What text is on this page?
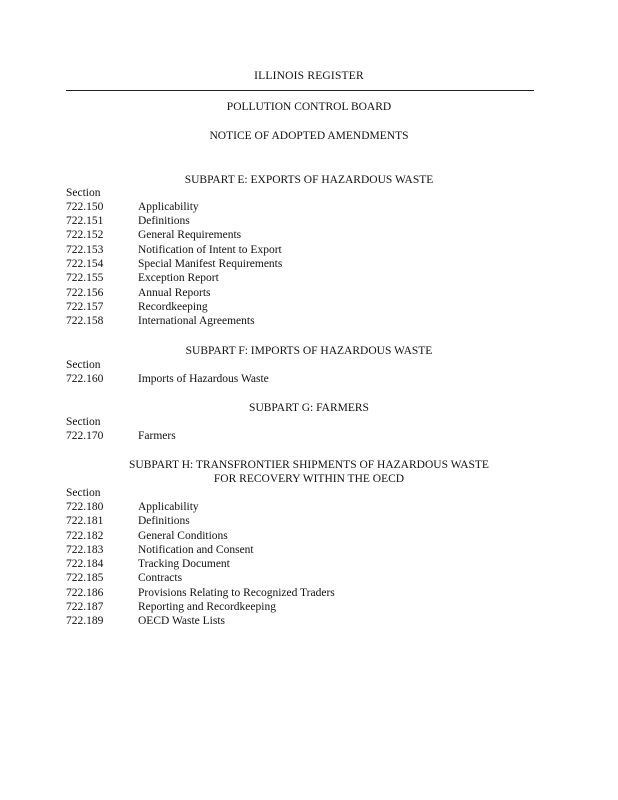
ILLINOIS REGISTER
POLLUTION CONTROL BOARD
NOTICE OF ADOPTED AMENDMENTS
SUBPART E: EXPORTS OF HAZARDOUS WASTE
Section
722.150	Applicability
722.151	Definitions
722.152	General Requirements
722.153	Notification of Intent to Export
722.154	Special Manifest Requirements
722.155	Exception Report
722.156	Annual Reports
722.157	Recordkeeping
722.158	International Agreements
SUBPART F: IMPORTS OF HAZARDOUS WASTE
Section
722.160	Imports of Hazardous Waste
SUBPART G: FARMERS
Section
722.170	Farmers
SUBPART H: TRANSFRONTIER SHIPMENTS OF HAZARDOUS WASTE
FOR RECOVERY WITHIN THE OECD
Section
722.180	Applicability
722.181	Definitions
722.182	General Conditions
722.183	Notification and Consent
722.184	Tracking Document
722.185	Contracts
722.186	Provisions Relating to Recognized Traders
722.187	Reporting and Recordkeeping
722.189	OECD Waste Lists
